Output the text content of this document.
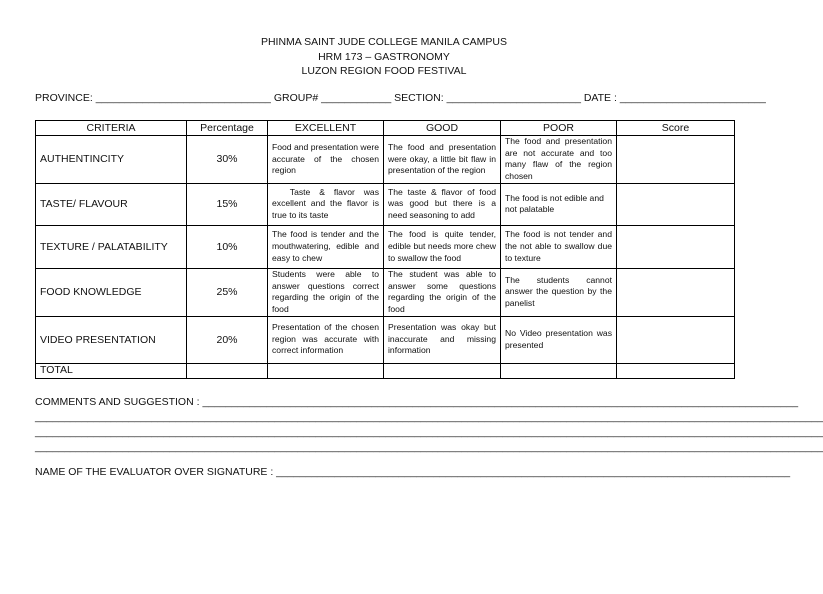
PHINMA SAINT JUDE COLLEGE MANILA CAMPUS
HRM 173 – GASTRONOMY
LUZON REGION FOOD FESTIVAL
PROVINCE: ______________________________ GROUP# ____________ SECTION: _______________________ DATE : _________________________
CRITERIA	Percentage	EXCELLENT	GOOD	POOR	Score
AUTHENTINCITY	30%	Food and presentation were accurate of the chosen region	The food and presentation were okay, a little bit flaw in presentation of the region	The food and presentation are not accurate and too many flaw of the region chosen	
TASTE/ FLAVOUR	15%	Taste & flavor was excellent and the flavor is true to its taste	The taste & flavor of food was good but there is a need seasoning to add	The food is not edible and not palatable	
TEXTURE / PALATABILITY	10%	The food is tender and the mouthwatering, edible and easy to chew	The food is quite tender, edible but needs more chew to swallow the food	The food is not tender and the not able to swallow due to texture	
FOOD KNOWLEDGE	25%	Students were able to answer questions correct regarding the origin of the food	The student was able to answer some questions regarding the origin of the food	The students cannot answer the question by the panelist	
VIDEO PRESENTATION	20%	Presentation of the chosen region was accurate with correct information	Presentation was okay but inaccurate and missing information	No Video presentation was presented	
TOTAL					
COMMENTS AND SUGGESTION : ______________________________________________________________________________________________________
_______________________________________________________________________________________________________________________________________
_______________________________________________________________________________________________________________________________________
_______________________________________________________________________________________________________________________________________
NAME OF THE EVALUATOR OVER SIGNATURE : ________________________________________________________________________________________
